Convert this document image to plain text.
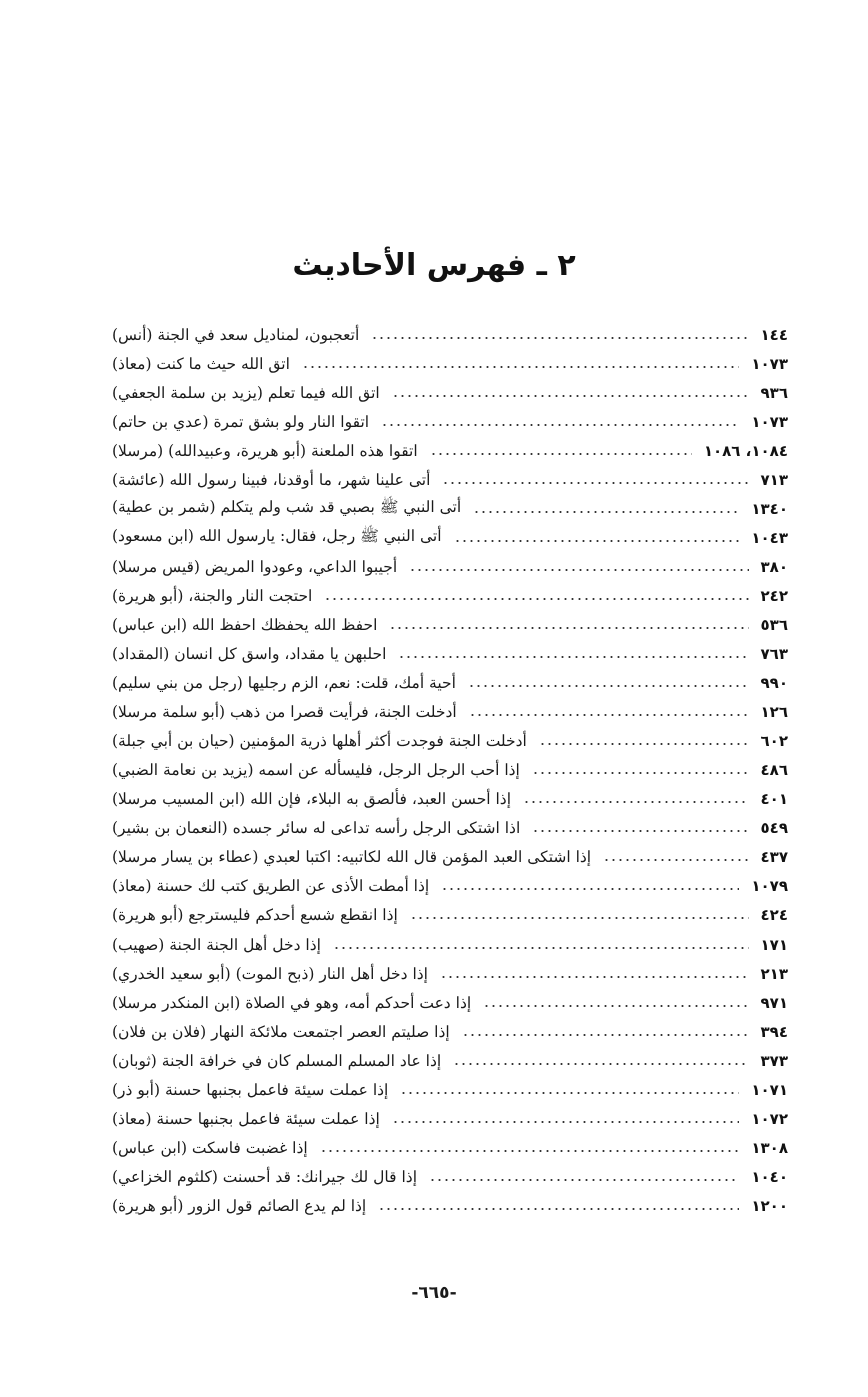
٢ ـ فهرس الأحاديث
أتعجبون، لمناديل سعد في الجنة (أنس)	١٤٤
اتق الله حيث ما كنت (معاذ)	١٠٧٣
اتق الله فيما تعلم (يزيد بن سلمة الجعفي)	٩٣٦
اتقوا النار ولو بشق تمرة (عدي بن حاتم)	١٠٧٣
اتقوا هذه الملعنة (أبو هريرة، وعبيدالله) (مرسلا)	١٠٨٤، ١٠٨٦
أتى علينا شهر، ما أوقدنا، فبينا رسول الله (عائشة)	٧١٣
أتى النبي ﷺ بصبي قد شب ولم يتكلم (شمر بن عطية)	١٣٤٠
أتى النبي ﷺ رجل، فقال: يارسول الله (ابن مسعود)	١٠٤٣
أجيبوا الداعي، وعودوا المريض (قيس مرسلا)	٣٨٠
احتجت النار والجنة، (أبو هريرة)	٢٤٢
احفظ الله يحفظك احفظ الله (ابن عباس)	٥٣٦
احلبهن يا مقداد، واسق كل انسان (المقداد)	٧٦٣
أحية أمك، قلت: نعم، الزم رجليها (رجل من بني سليم)	٩٩٠
أدخلت الجنة، فرأيت قصرا من ذهب (أبو سلمة مرسلا)	١٢٦
أدخلت الجنة فوجدت أكثر أهلها ذرية المؤمنين (حيان بن أبي جبلة)	٦٠٢
إذا أحب الرجل الرجل، فليسأله عن اسمه (يزيد بن نعامة الضبي)	٤٨٦
إذا أحسن العبد، فألصق به البلاء، فإن الله (ابن المسيب مرسلا)	٤٠١
اذا اشتكى الرجل رأسه تداعى له سائر جسده (النعمان بن بشير)	٥٤٩
إذا اشتكى العبد المؤمن قال الله لكاتبيه: اكتبا لعبدي (عطاء بن يسار مرسلا)	٤٣٧
إذا أمطت الأذى عن الطريق كتب لك حسنة (معاذ)	١٠٧٩
إذا انقطع شسع أحدكم فليسترجع (أبو هريرة)	٤٢٤
إذا دخل أهل الجنة الجنة (صهيب)	١٧١
إذا دخل أهل النار (ذبح الموت) (أبو سعيد الخدري)	٢١٣
إذا دعت أحدكم أمه، وهو في الصلاة (ابن المنكدر مرسلا)	٩٧١
إذا صليتم العصر اجتمعت ملائكة النهار (فلان بن فلان)	٣٩٤
إذا عاد المسلم المسلم كان في خرافة الجنة (ثوبان)	٣٧٣
إذا عملت سيئة فاعمل بجنبها حسنة (أبو ذر)	١٠٧١
إذا عملت سيئة فاعمل بجنبها حسنة (معاذ)	١٠٧٢
إذا غضبت فاسكت (ابن عباس)	١٣٠٨
إذا قال لك جيرانك: قد أحسنت (كلثوم الخزاعي)	١٠٤٠
إذا لم يدع الصائم قول الزور (أبو هريرة)	١٢٠٠
-٦٦٥-
